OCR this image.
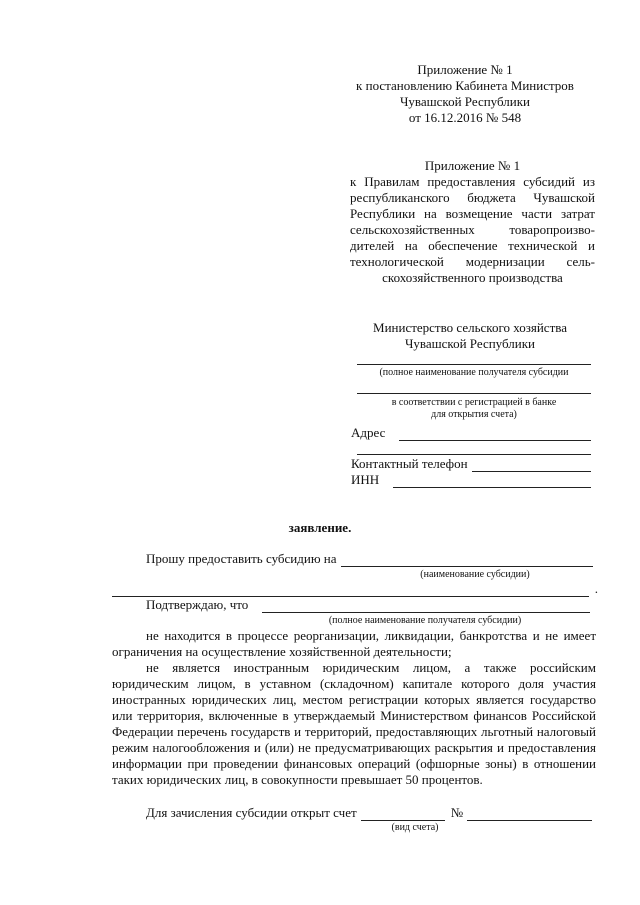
Приложение № 1
к постановлению Кабинета Министров
Чувашской Республики
от 16.12.2016 № 548
Приложение № 1
к Правилам предоставления субсидий из
республиканского бюджета Чувашской
Республики на возмещение части затрат
сельскохозяйственных товаропроизво-
дителей на обеспечение технической и
технологической модернизации сель-
скохозяйственного производства
Министерство сельского хозяйства
Чувашской Республики
(полное наименование получателя субсидии
в соответствии с регистрацией в банке
для открытия счета)
Адрес
Контактный телефон
ИНН
заявление.
Прошу предоставить субсидию на
(наименование субсидии)
.
Подтверждаю, что
(полное наименование получателя субсидии)
не находится в процессе реорганизации, ликвидации, банкротства и не имеет ограничения на осуществление хозяйственной деятельности;
не является иностранным юридическим лицом, а также российским юридическим лицом, в уставном (складочном) капитале которого доля участия иностранных юридических лиц, местом регистрации которых является государство или территория, включенные в утверждаемый Министерством финансов Российской Федерации перечень государств и территорий, предоставляющих льготный налоговый режим налогообложения и (или) не предусматривающих раскрытия и предоставления информации при проведении финансовых операций (офшорные зоны) в отношении таких юридических лиц, в совокупности превышает 50 процентов.
Для зачисления субсидии открыт счет	№
(вид счета)
